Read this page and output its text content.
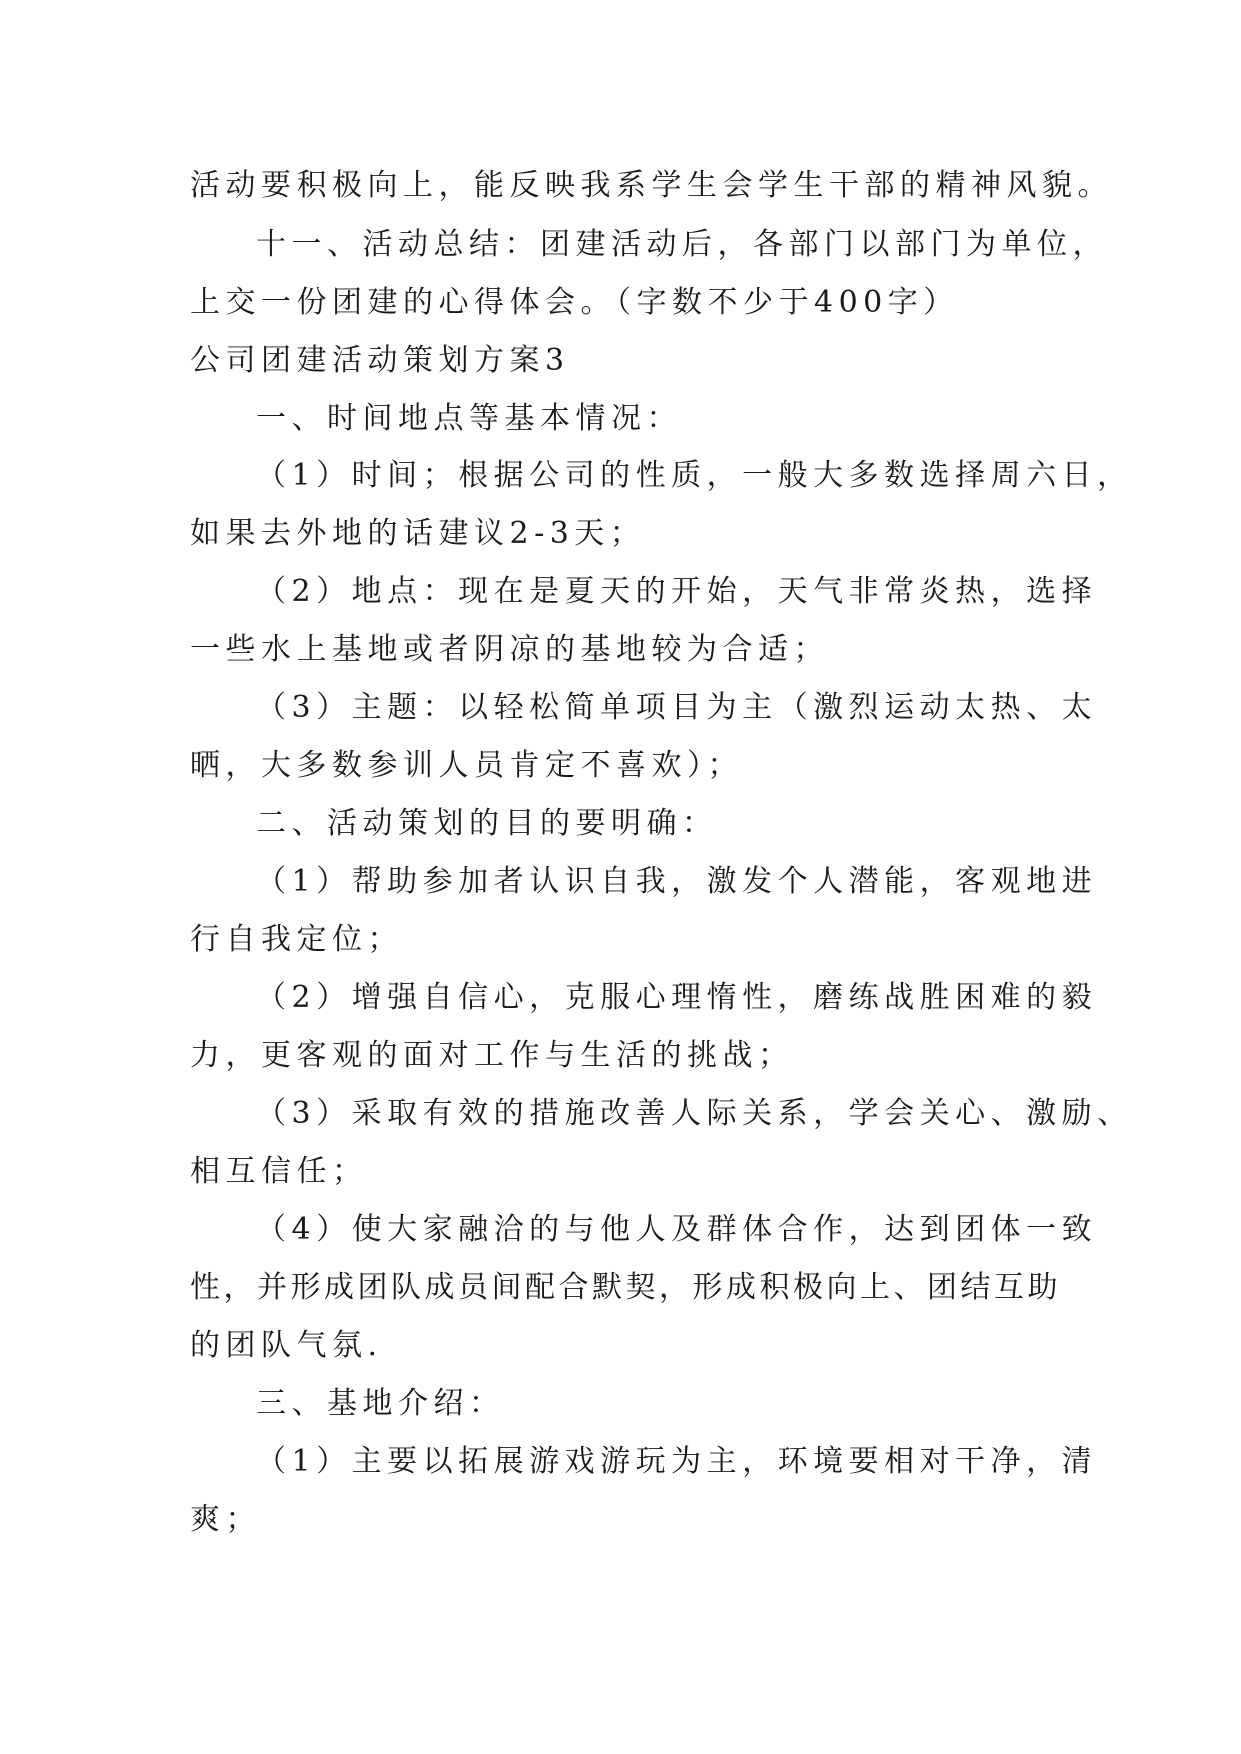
活动要积极向上，能反映我系学生会学生干部的精神风貌。
十一、活动总结：团建活动后，各部门以部门为单位，
上交一份团建的心得体会。（字数不少于400字）
公司团建活动策划方案3
一、时间地点等基本情况：
（1）时间；根据公司的性质，一般大多数选择周六日，
如果去外地的话建议2-3天；
（2）地点：现在是夏天的开始，天气非常炎热，选择
一些水上基地或者阴凉的基地较为合适；
（3）主题：以轻松简单项目为主（激烈运动太热、太
晒，大多数参训人员肯定不喜欢）；
二、活动策划的目的要明确：
（1）帮助参加者认识自我，激发个人潜能，客观地进
行自我定位；
（2）增强自信心，克服心理惰性，磨练战胜困难的毅
力，更客观的面对工作与生活的挑战；
（3）采取有效的措施改善人际关系，学会关心、激励、
相互信任；
（4）使大家融洽的与他人及群体合作，达到团体一致
性，并形成团队成员间配合默契，形成积极向上、团结互助
的团队气氛.
三、基地介绍：
（1）主要以拓展游戏游玩为主，环境要相对干净，清
爽；
